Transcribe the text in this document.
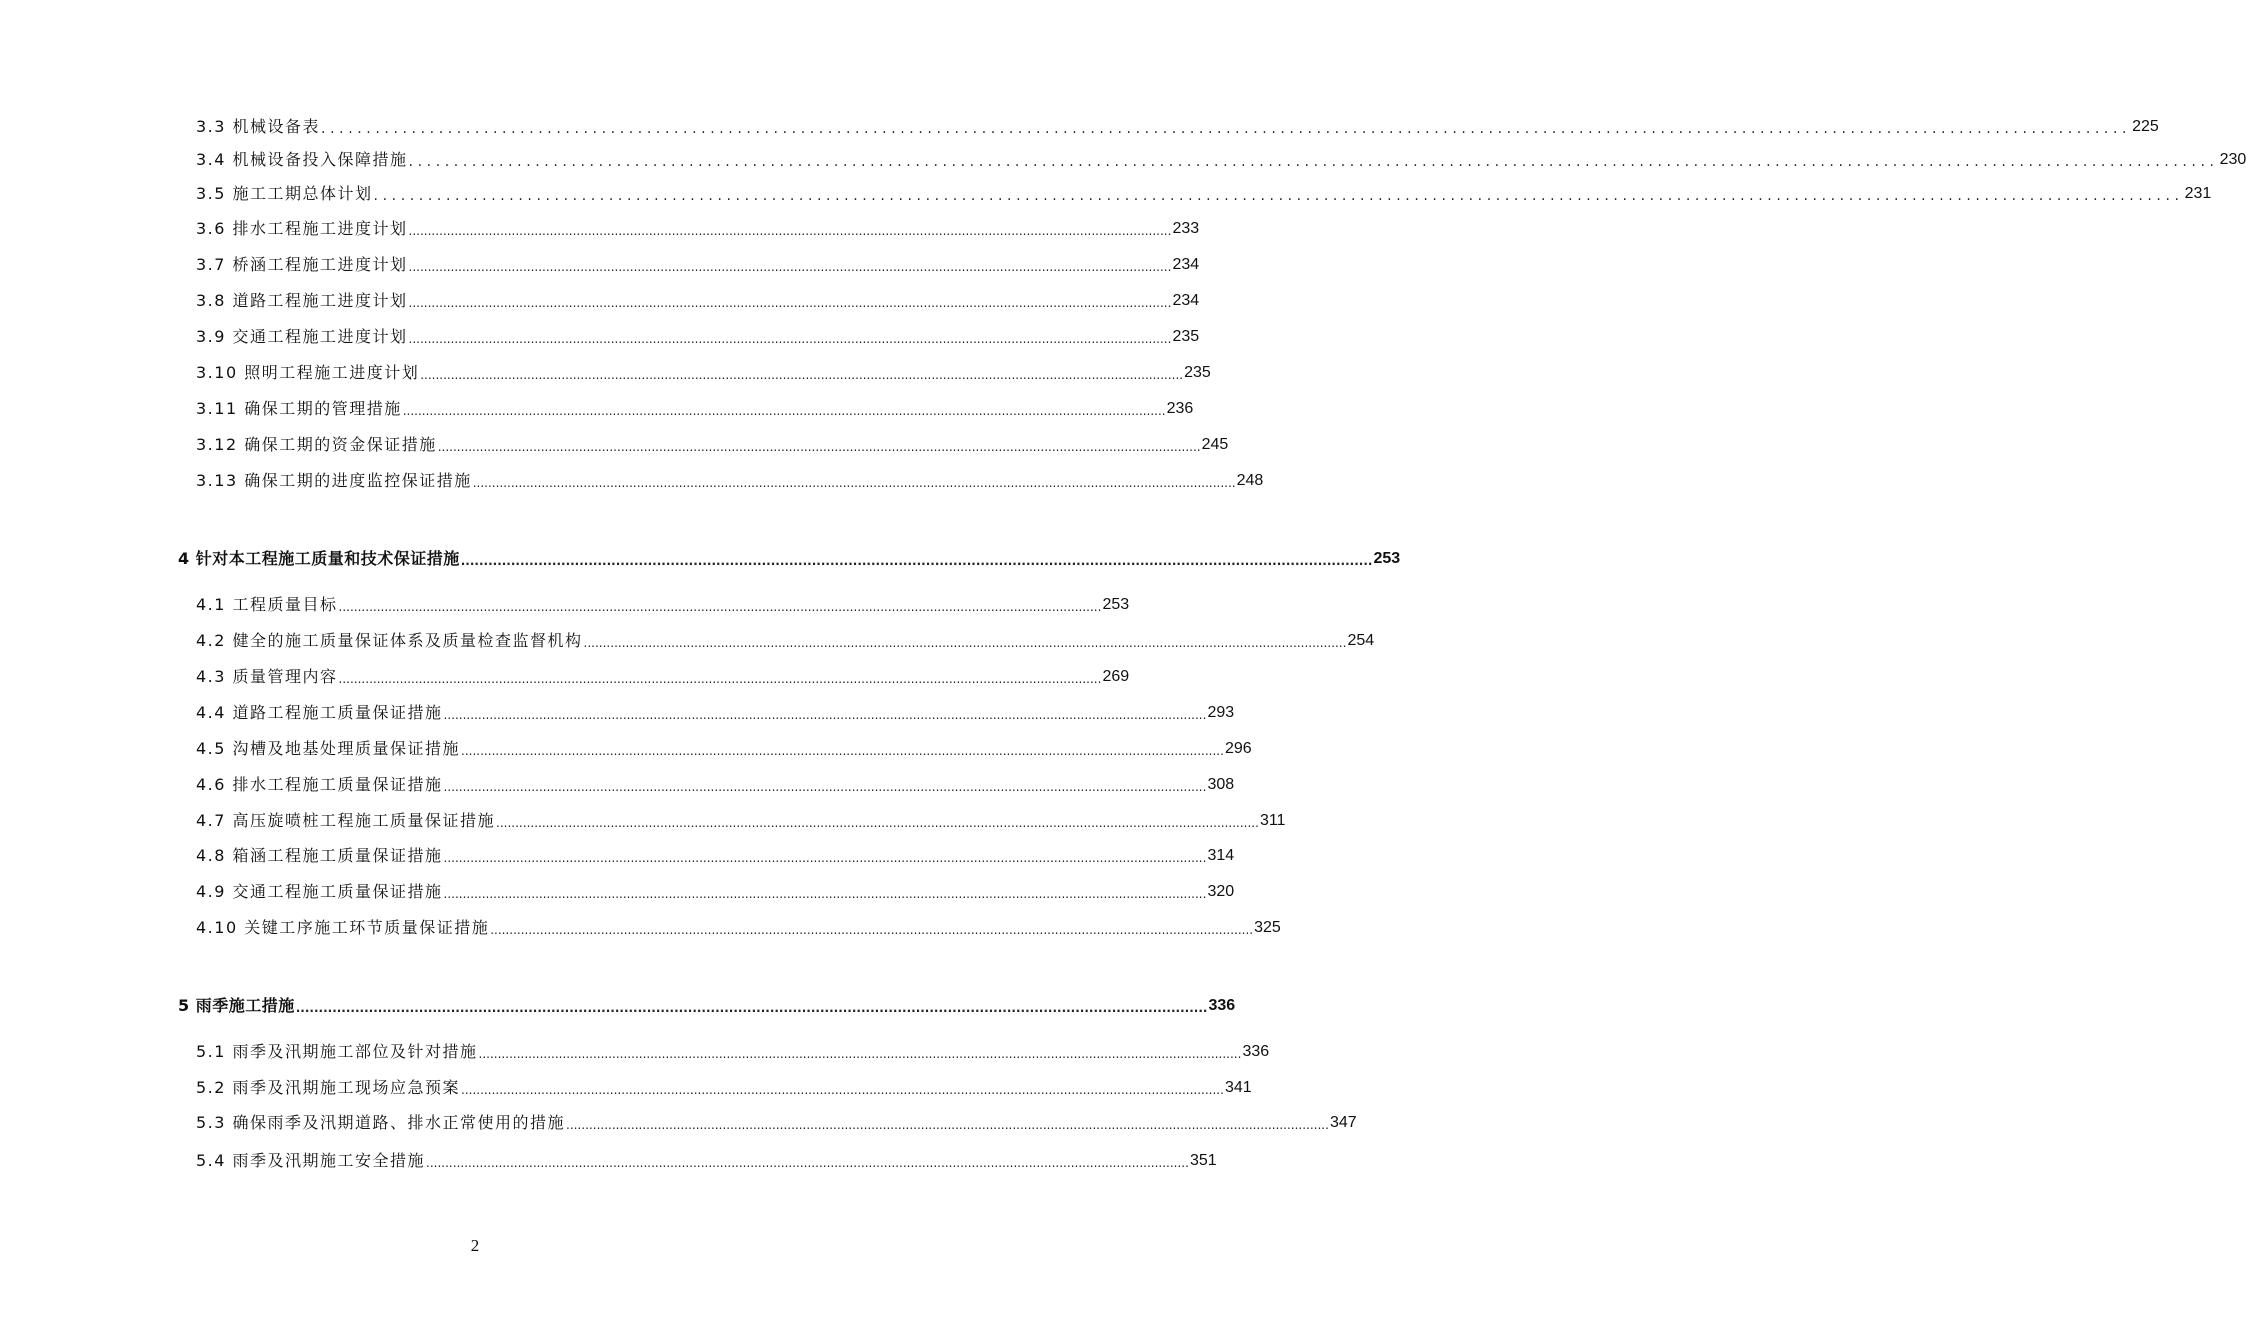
3.3 机械设备表 ........................................................................................................................................................................................................ 225
3.4 机械设备投入保障措施 ........................................................................................................................................................................................................ 230
3.5 施工工期总体计划 ........................................................................................................................................................................................................ 231
3.6 排水工程施工进度计划 ........................................................................................................................................................................................................ 233
3.7 桥涵工程施工进度计划 ........................................................................................................................................................................................................ 234
3.8 道路工程施工进度计划 ........................................................................................................................................................................................................ 234
3.9 交通工程施工进度计划 ........................................................................................................................................................................................................ 235
3.10 照明工程施工进度计划 ........................................................................................................................................................................................................ 235
3.11 确保工期的管理措施 ........................................................................................................................................................................................................ 236
3.12 确保工期的资金保证措施 ........................................................................................................................................................................................................ 245
3.13 确保工期的进度监控保证措施 ........................................................................................................................................................................................................ 248
4 针对本工程施工质量和技术保证措施 ........................................................................................................................................................................................................ 253
4.1 工程质量目标 ........................................................................................................................................................................................................ 253
4.2 健全的施工质量保证体系及质量检查监督机构 ........................................................................................................................................................................................................ 254
4.3 质量管理内容 ........................................................................................................................................................................................................ 269
4.4 道路工程施工质量保证措施 ........................................................................................................................................................................................................ 293
4.5 沟槽及地基处理质量保证措施 ........................................................................................................................................................................................................ 296
4.6 排水工程施工质量保证措施 ........................................................................................................................................................................................................ 308
4.7 高压旋喷桩工程施工质量保证措施 ........................................................................................................................................................................................................ 311
4.8 箱涵工程施工质量保证措施 ........................................................................................................................................................................................................ 314
4.9 交通工程施工质量保证措施 ........................................................................................................................................................................................................ 320
4.10 关键工序施工环节质量保证措施 ........................................................................................................................................................................................................ 325
5 雨季施工措施 ........................................................................................................................................................................................................ 336
5.1 雨季及汛期施工部位及针对措施 ........................................................................................................................................................................................................ 336
5.2 雨季及汛期施工现场应急预案 ........................................................................................................................................................................................................ 341
5.3 确保雨季及汛期道路、排水正常使用的措施 ........................................................................................................................................................................................................ 347
5.4 雨季及汛期施工安全措施 ........................................................................................................................................................................................................ 351
2
